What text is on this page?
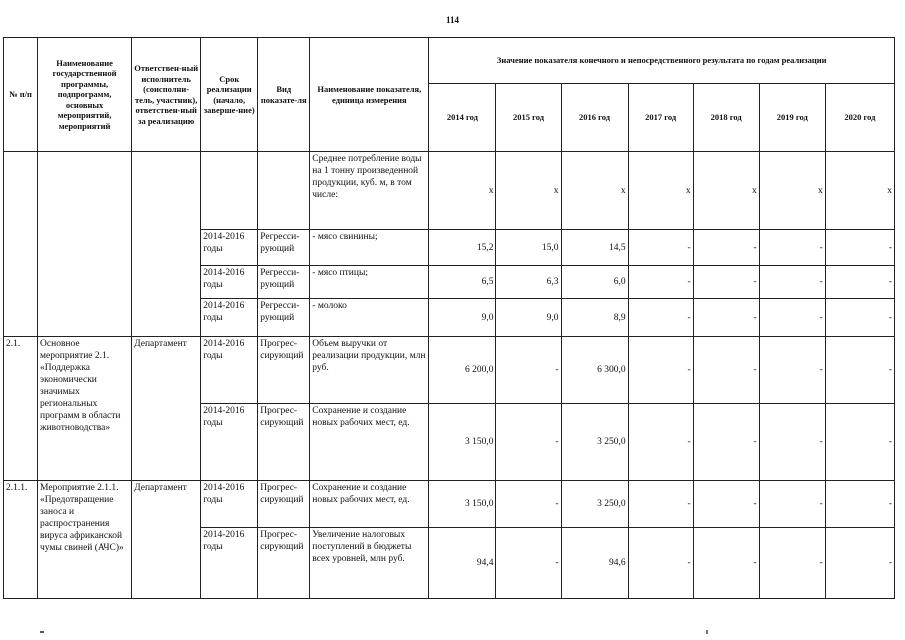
114
№ п/п	Наименование государственной программы, подпрограмм, основных мероприятий, мероприятий	Ответствен-ный исполнитель (соисполни-тель, участник), ответствен-ный за реализацию	Срок реализации (начало, заверше-ние)	Вид показате-ля	Наименование показателя, единица измерения	Значение показателя конечного и непосредственного результата по годам реализации						
						2014 год	2015 год	2016 год	2017 год	2018 год	2019 год	2020 год
					Среднее потребление воды на 1 тонну произведенной продукции, куб. м, в том числе:	x	x	x	x	x	x	x
			2014-2016 годы	Регресси-рующий	- мясо свинины;	15,2	15,0	14,5	-	-	-	-
			2014-2016 годы	Регресси-рующий	- мясо птицы;	6,5	6,3	6,0	-	-	-	-
			2014-2016 годы	Регресси-рующий	- молоко	9,0	9,0	8,9	-	-	-	-
2.1.	Основное мероприятие 2.1. «Поддержка экономически значимых региональных программ в области животноводства»	Департамент	2014-2016 годы	Прогрес-сирующий	Объем выручки от реализации продукции, млн руб.	6 200,0	-	6 300,0	-	-	-	-
			2014-2016 годы	Прогрес-сирующий	Сохранение и создание новых рабочих мест, ед.	3 150,0	-	3 250,0	-	-	-	-
2.1.1.	Мероприятие 2.1.1. «Предотвращение заноса и распространения вируса африканской чумы свиней (АЧС)»	Департамент	2014-2016 годы	Прогрес-сирующий	Сохранение и создание новых рабочих мест, ед.	3 150,0	-	3 250,0	-	-	-	-
			2014-2016 годы	Прогрес-сирующий	Увеличение налоговых поступлений в бюджеты всех уровней, млн руб.	94,4	-	94,6	-	-	-	-
